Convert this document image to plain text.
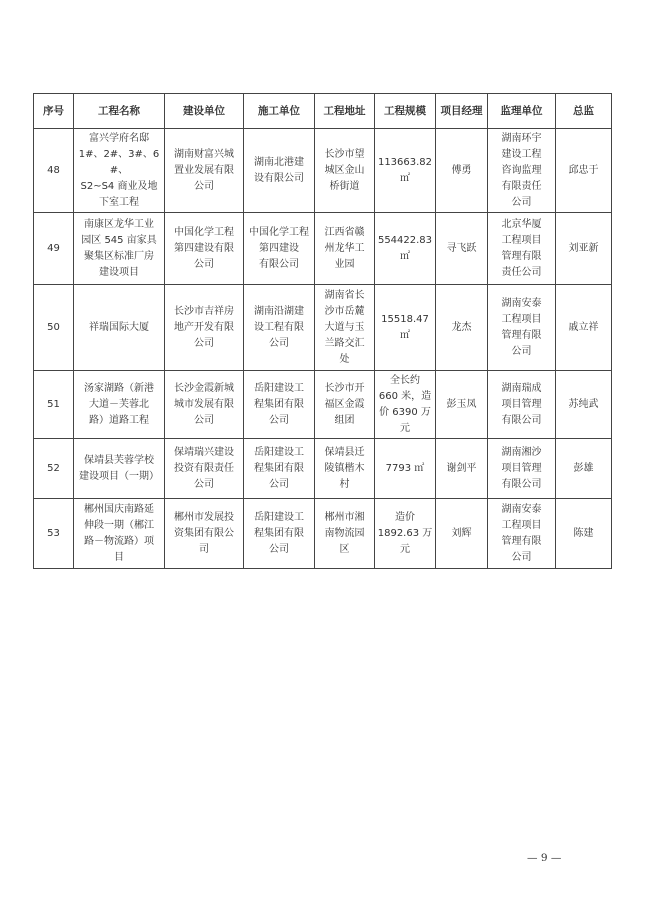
序号	工程名称	建设单位	施工单位	工程地址	工程规模	项目经理	监理单位	总监
48	富兴学府名邸
1#、2#、3#、6#、
S2~S4 商业及地
下室工程	湖南财富兴城
置业发展有限
公司	湖南北港建
设有限公司	长沙市望
城区金山
桥街道	113663.82
㎡	傅勇	湖南环宇
建设工程
咨询监理
有限责任
公司	邱忠于
49	南康区龙华工业
园区 545 亩家具
聚集区标准厂房
建设项目	中国化学工程
第四建设有限
公司	中国化学工程
第四建设
有限公司	江西省赣
州龙华工
业园	554422.83
㎡	寻飞跃	北京华厦
工程项目
管理有限
责任公司	刘亚新
50	祥瑞国际大厦	长沙市吉祥房
地产开发有限
公司	湖南沿湖建
设工程有限
公司	湖南省长
沙市岳麓
大道与玉
兰路交汇
处	15518.47
㎡	龙杰	湖南安泰
工程项目
管理有限
公司	戚立祥
51	汤家湖路（新港
大道－芙蓉北
路）道路工程	长沙金霞新城
城市发展有限
公司	岳阳建设工
程集团有限
公司	长沙市开
福区金霞
组团	全长约
660 米，造
价 6390 万
元	彭玉凤	湖南瑞成
项目管理
有限公司	苏纯武
52	保靖县芙蓉学校
建设项目（一期）	保靖瑞兴建设
投资有限责任
公司	岳阳建设工
程集团有限
公司	保靖县迁
陵镇楷木
村	7793 ㎡	谢剑平	湖南湘沙
项目管理
有限公司	彭雄
53	郴州国庆南路延
伸段一期（郴江
路－物流路）项
目	郴州市发展投
资集团有限公
司	岳阳建设工
程集团有限
公司	郴州市湘
南物流园
区	造价
1892.63 万
元	刘辉	湖南安泰
工程项目
管理有限
公司	陈建
— 9 —
